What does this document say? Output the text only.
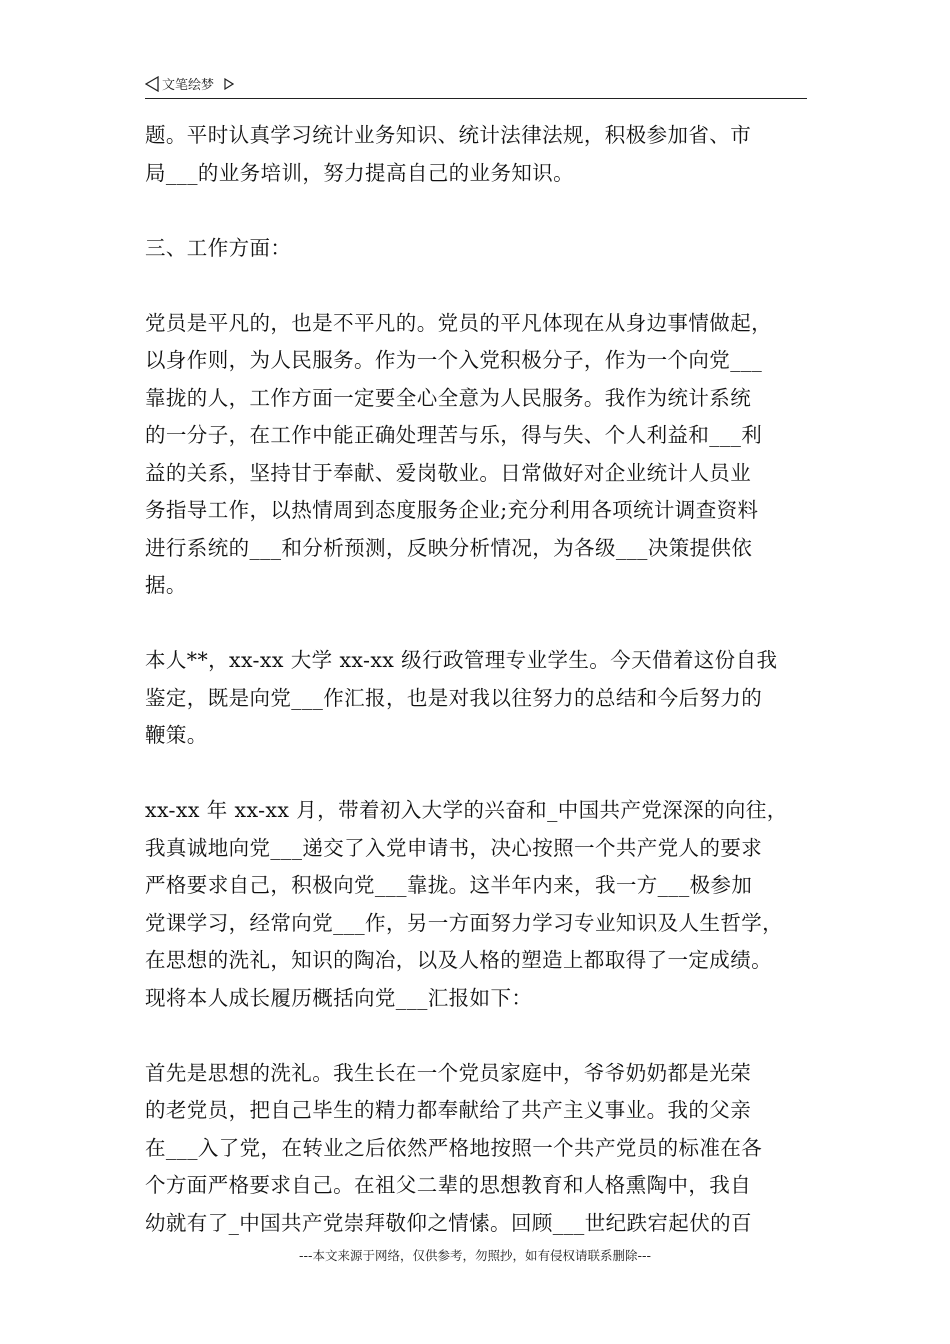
文笔绘梦
题。平时认真学习统计业务知识、统计法律法规，积极参加省、市
局___的业务培训，努力提高自己的业务知识。
三、工作方面：
党员是平凡的，也是不平凡的。党员的平凡体现在从身边事情做起，
以身作则，为人民服务。作为一个入党积极分子，作为一个向党___
靠拢的人，工作方面一定要全心全意为人民服务。我作为统计系统
的一分子，在工作中能正确处理苦与乐，得与失、个人利益和___利
益的关系，坚持甘于奉献、爱岗敬业。日常做好对企业统计人员业
务指导工作，以热情周到态度服务企业;充分利用各项统计调查资料
进行系统的___和分析预测，反映分析情况，为各级___决策提供依
据。
本人**，xx-xx 大学 xx-xx 级行政管理专业学生。今天借着这份自我
鉴定，既是向党___作汇报，也是对我以往努力的总结和今后努力的
鞭策。
xx-xx 年 xx-xx 月，带着初入大学的兴奋和_中国共产党深深的向往，
我真诚地向党___递交了入党申请书，决心按照一个共产党人的要求
严格要求自己，积极向党___靠拢。这半年内来，我一方___极参加
党课学习，经常向党___作，另一方面努力学习专业知识及人生哲学，
在思想的洗礼，知识的陶冶，以及人格的塑造上都取得了一定成绩。
现将本人成长履历概括向党___汇报如下：
首先是思想的洗礼。我生长在一个党员家庭中，爷爷奶奶都是光荣
的老党员，把自己毕生的精力都奉献给了共产主义事业。我的父亲
在___入了党，在转业之后依然严格地按照一个共产党员的标准在各
个方面严格要求自己。在祖父二辈的思想教育和人格熏陶中，我自
幼就有了_中国共产党崇拜敬仰之情愫。回顾___世纪跌宕起伏的百
---本文来源于网络，仅供参考，勿照抄，如有侵权请联系删除---
